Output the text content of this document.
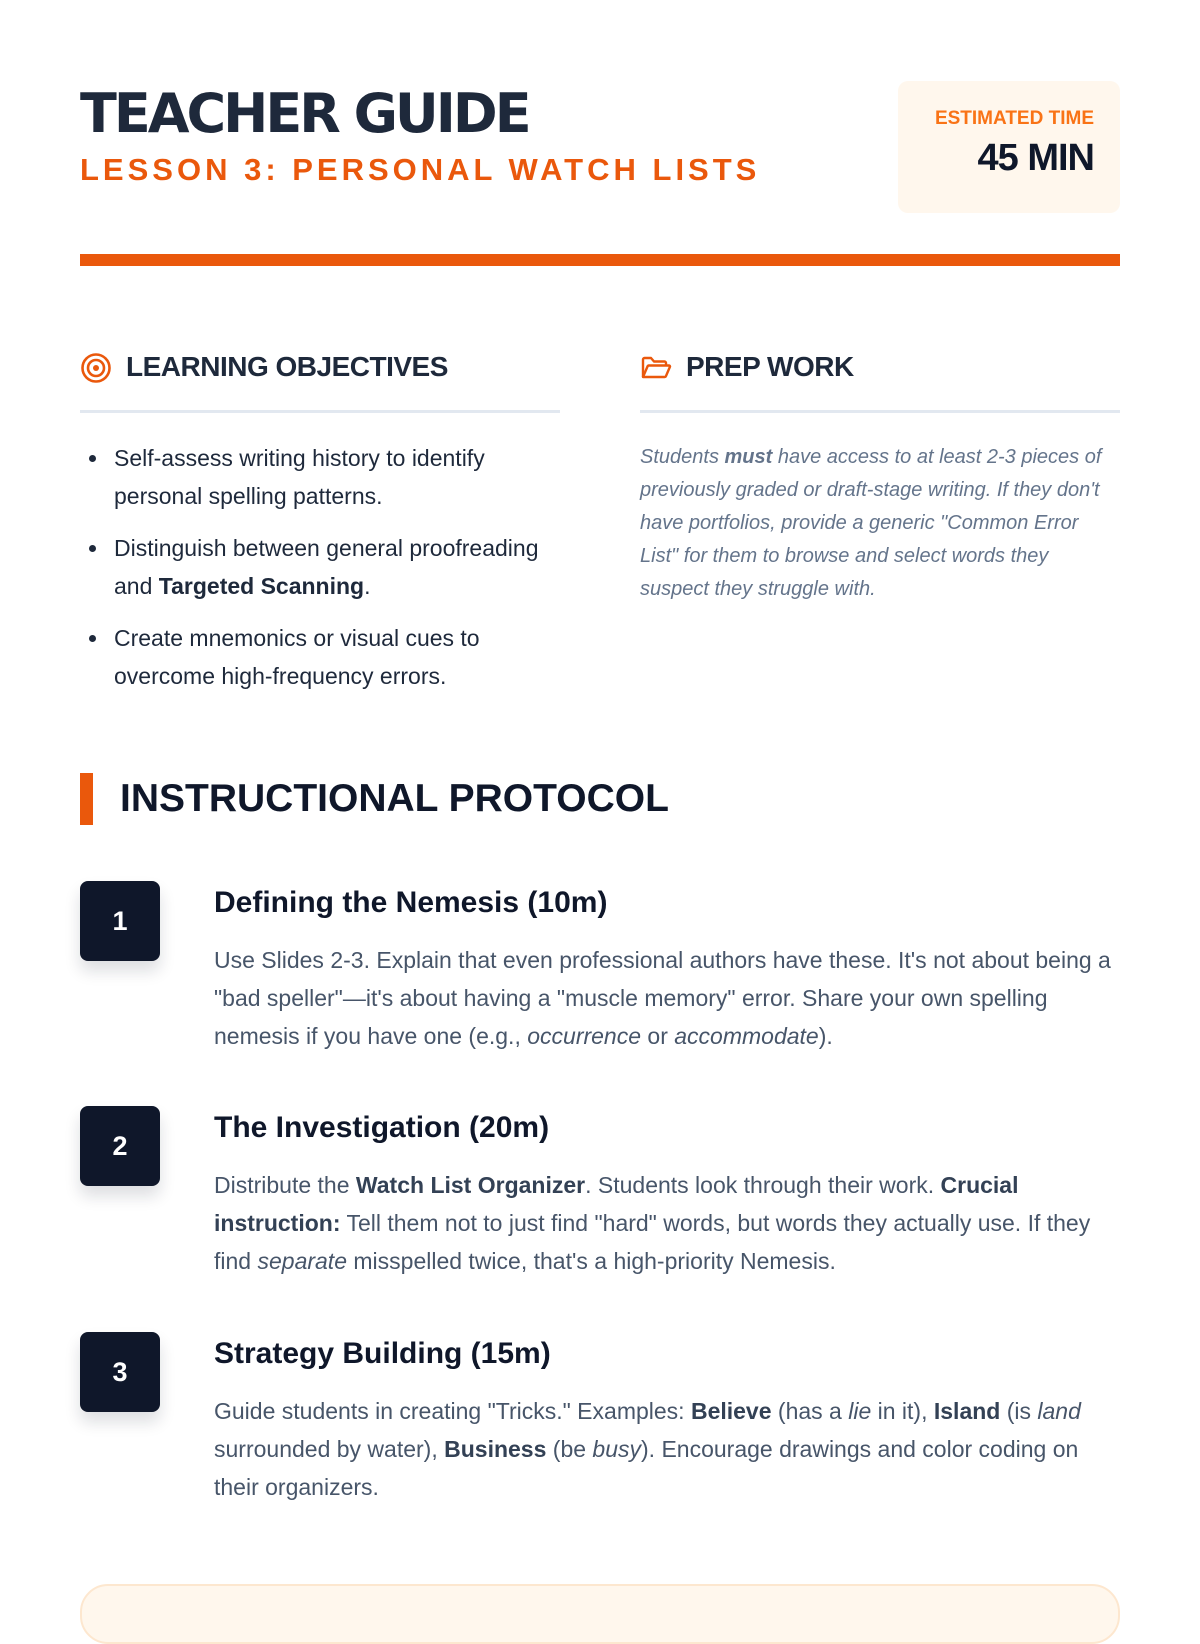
TEACHER GUIDE
LESSON 3: PERSONAL WATCH LISTS
ESTIMATED TIME
45 MIN
LEARNING OBJECTIVES
Self-assess writing history to identify personal spelling patterns.
Distinguish between general proofreading and Targeted Scanning.
Create mnemonics or visual cues to overcome high-frequency errors.
PREP WORK

Students must have access to at least 2-3 pieces of previously graded or draft-stage writing. If they don't have portfolios, provide a generic "Common Error List" for them to browse and select words they suspect they struggle with.

INSTRUCTIONAL PROTOCOL
1
Defining the Nemesis (10m)
Use Slides 2-3. Explain that even professional authors have these. It's not about being a "bad speller"—it's about having a "muscle memory" error. Share your own spelling nemesis if you have one (e.g., occurrence or accommodate).
2
The Investigation (20m)
Distribute the Watch List Organizer. Students look through their work. Crucial instruction: Tell them not to just find "hard" words, but words they actually use. If they find separate misspelled twice, that's a high-priority Nemesis.
3
Strategy Building (15m)
Guide students in creating "Tricks." Examples: Believe (has a lie in it), Island (is land surrounded by water), Business (be busy). Encourage drawings and color coding on their organizers.
